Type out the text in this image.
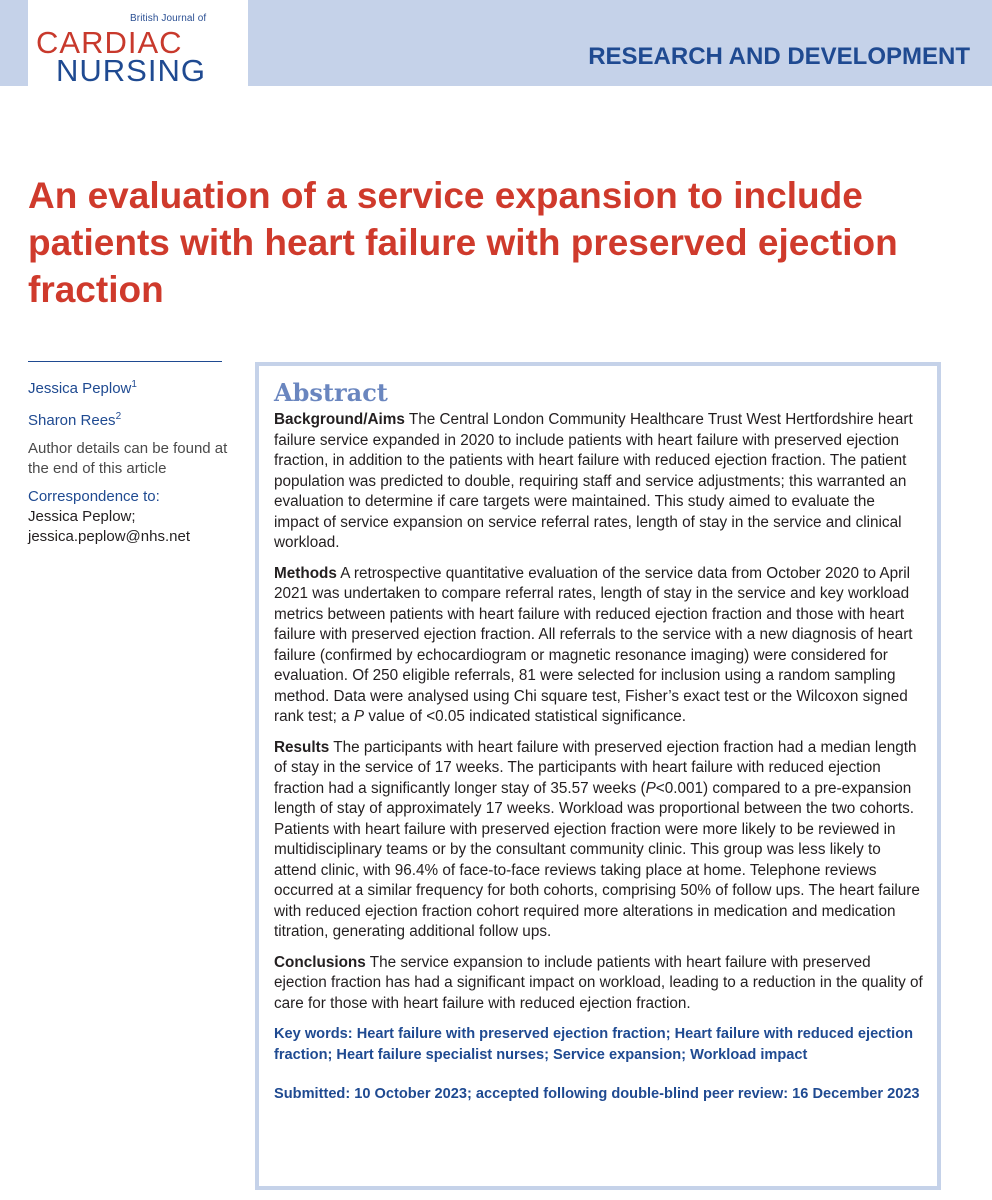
British Journal of
CARDIAC
NURSING	RESEARCH AND DEVELOPMENT
An evaluation of a service expansion to include patients with heart failure with preserved ejection fraction
Jessica Peplow$^1$
Sharon Rees$^2$
Author details can be found at the end of this article
Correspondence to:
Jessica Peplow;
jessica.peplow@nhs.net
Abstract

Background/Aims The Central London Community Healthcare Trust West Hertfordshire heart failure service expanded in 2020 to include patients with heart failure with preserved ejection fraction, in addition to the patients with heart failure with reduced ejection fraction. The patient population was predicted to double, requiring staff and service adjustments; this warranted an evaluation to determine if care targets were maintained. This study aimed to evaluate the impact of service expansion on service referral rates, length of stay in the service and clinical workload.

Methods A retrospective quantitative evaluation of the service data from October 2020 to April 2021 was undertaken to compare referral rates, length of stay in the service and key workload metrics between patients with heart failure with reduced ejection fraction and those with heart failure with preserved ejection fraction. All referrals to the service with a new diagnosis of heart failure (confirmed by echocardiogram or magnetic resonance imaging) were considered for evaluation. Of 250 eligible referrals, 81 were selected for inclusion using a random sampling method. Data were analysed using Chi square test, Fisher’s exact test or the Wilcoxon signed rank test; a P value of <0.05 indicated statistical significance.

Results The participants with heart failure with preserved ejection fraction had a median length of stay in the service of 17 weeks. The participants with heart failure with reduced ejection fraction had a significantly longer stay of 35.57 weeks (P<0.001) compared to a pre-expansion length of stay of approximately 17 weeks. Workload was proportional between the two cohorts. Patients with heart failure with preserved ejection fraction were more likely to be reviewed in multidisciplinary teams or by the consultant community clinic. This group was less likely to attend clinic, with 96.4% of face-to-face reviews taking place at home. Telephone reviews occurred at a similar frequency for both cohorts, comprising 50% of follow ups. The heart failure with reduced ejection fraction cohort required more alterations in medication and medication titration, generating additional follow ups.

Conclusions The service expansion to include patients with heart failure with preserved ejection fraction has had a significant impact on workload, leading to a reduction in the quality of care for those with heart failure with reduced ejection fraction.

Key words: Heart failure with preserved ejection fraction; Heart failure with reduced ejection fraction; Heart failure specialist nurses; Service expansion; Workload impact

Submitted: 10 October 2023; accepted following double-blind peer review: 16 December 2023
